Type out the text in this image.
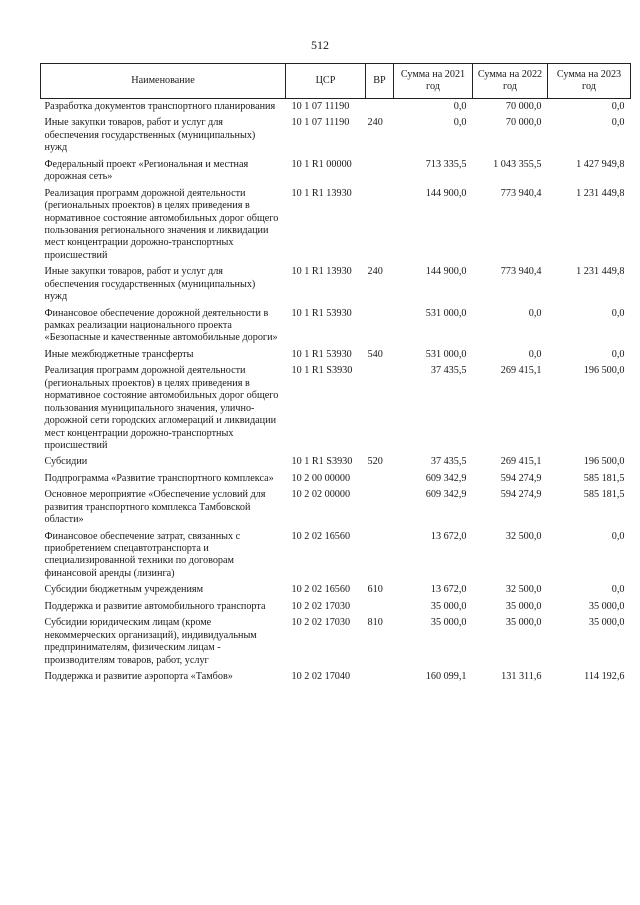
512
Наименование	ЦСР	ВР	Сумма на 2021 год	Сумма на 2022 год	Сумма на 2023 год
Разработка документов транспортного планирования	10 1 07 11190		0,0	70 000,0	0,0
Иные закупки товаров, работ и услуг для обеспечения государственных (муниципальных) нужд	10 1 07 11190	240	0,0	70 000,0	0,0
Федеральный проект «Региональная и местная дорожная сеть»	10 1 R1 00000		713 335,5	1 043 355,5	1 427 949,8
Реализация программ дорожной деятельности (региональных проектов) в целях приведения в нормативное состояние автомобильных дорог общего пользования регионального значения и ликвидации мест концентрации дорожно-транспортных происшествий	10 1 R1 13930		144 900,0	773 940,4	1 231 449,8
Иные закупки товаров, работ и услуг для обеспечения государственных (муниципальных) нужд	10 1 R1 13930	240	144 900,0	773 940,4	1 231 449,8
Финансовое обеспечение дорожной деятельности в рамках реализации национального проекта «Безопасные и качественные автомобильные дороги»	10 1 R1 53930		531 000,0	0,0	0,0
Иные межбюджетные трансферты	10 1 R1 53930	540	531 000,0	0,0	0,0
Реализация программ дорожной деятельности (региональных проектов) в целях приведения в нормативное состояние автомобильных дорог общего пользования муниципального значения, улично-дорожной сети городских агломераций и ликвидации мест концентрации дорожно-транспортных происшествий	10 1 R1 S3930		37 435,5	269 415,1	196 500,0
Субсидии	10 1 R1 S3930	520	37 435,5	269 415,1	196 500,0
Подпрограмма «Развитие транспортного комплекса»	10 2 00 00000		609 342,9	594 274,9	585 181,5
Основное мероприятие «Обеспечение условий для развития транспортного комплекса Тамбовской области»	10 2 02 00000		609 342,9	594 274,9	585 181,5
Финансовое обеспечение затрат, связанных с приобретением спецавтотранспорта и специализированной техники по договорам финансовой аренды (лизинга)	10 2 02 16560		13 672,0	32 500,0	0,0
Субсидии бюджетным учреждениям	10 2 02 16560	610	13 672,0	32 500,0	0,0
Поддержка и развитие автомобильного транспорта	10 2 02 17030		35 000,0	35 000,0	35 000,0
Субсидии юридическим лицам (кроме некоммерческих организаций), индивидуальным предпринимателям, физическим лицам - производителям товаров, работ, услуг	10 2 02 17030	810	35 000,0	35 000,0	35 000,0
Поддержка и развитие аэропорта «Тамбов»	10 2 02 17040		160 099,1	131 311,6	114 192,6
